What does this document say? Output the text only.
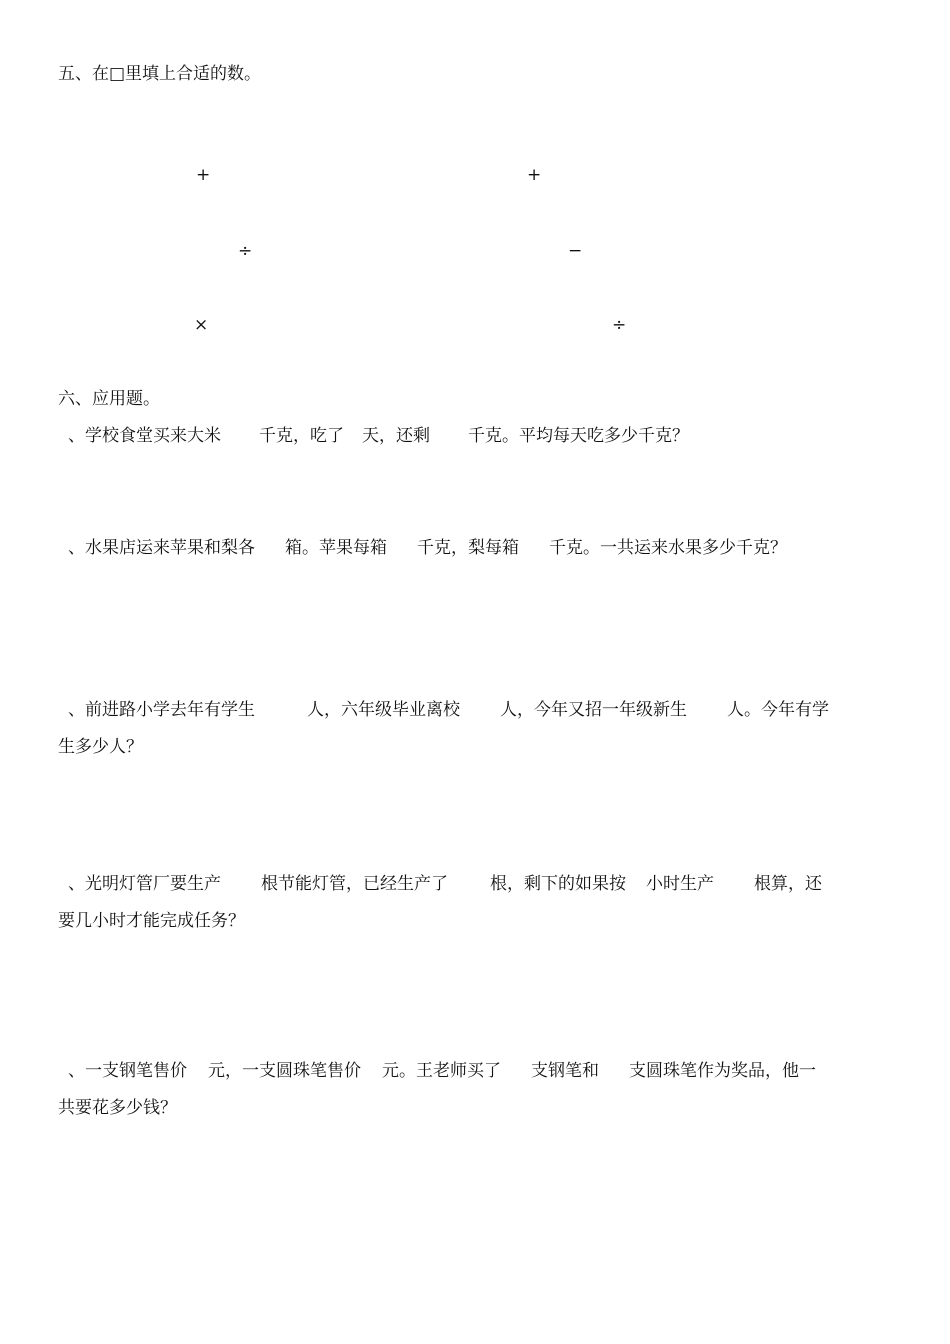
五、在□里填上合适的数。
+	+
÷	−
×	÷
六、应用题。
、学校食堂买来大米 千克，吃了 天，还剩 千克。平均每天吃多少千克？
、水果店运来苹果和梨各 箱。苹果每箱 千克，梨每箱 千克。一共运来水果多少千克？
、前进路小学去年有学生	人，六年级毕业离校 人，今年又招一年级新生 人。今年有学
生多少人？
、光明灯管厂要生产 根节能灯管，已经生产了 根，剩下的如果按 小时生产 根算，还
要几小时才能完成任务？
、一支钢笔售价 元，一支圆珠笔售价 元。王老师买了 支钢笔和 支圆珠笔作为奖品，他一
共要花多少钱？
